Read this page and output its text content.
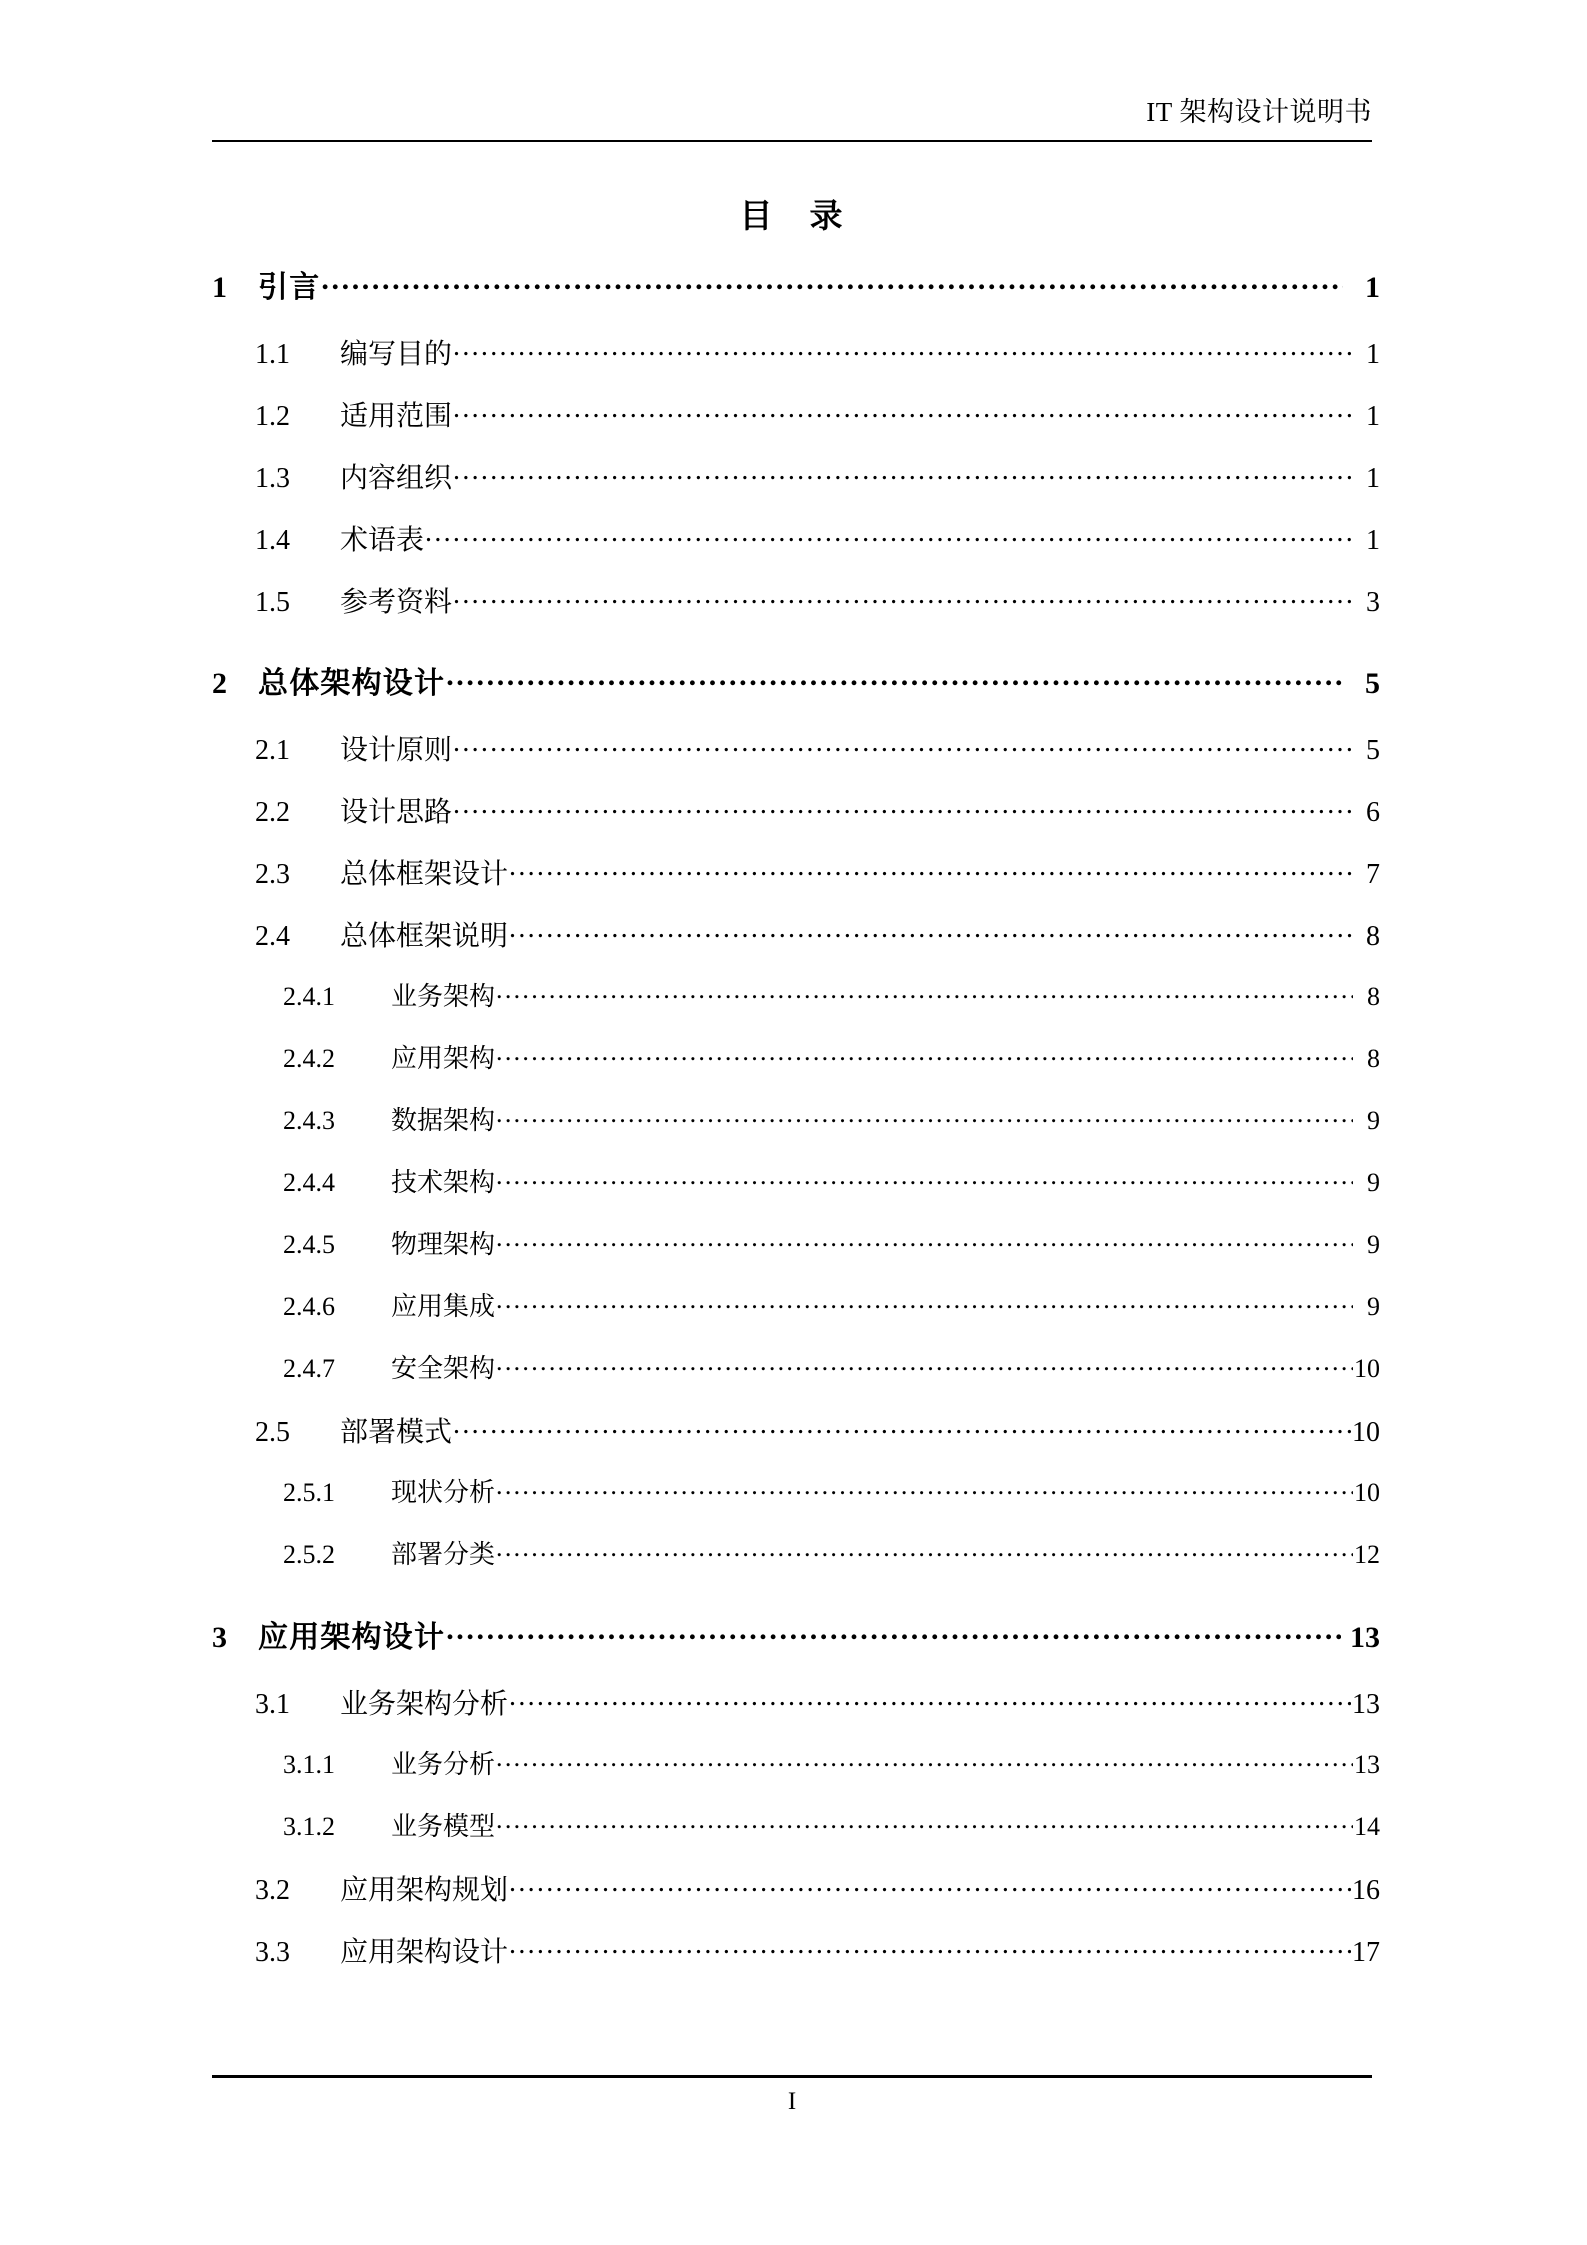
IT 架构设计说明书
目　录
1	引言 .....	1
1.1	编写目的 .....	1
1.2	适用范围 .....	1
1.3	内容组织 .....	1
1.4	术语表 .....	1
1.5	参考资料 .....	3
2	总体架构设计 .....	5
2.1	设计原则 .....	5
2.2	设计思路 .....	6
2.3	总体框架设计 .....	7
2.4	总体框架说明 .....	8
2.4.1	业务架构 .....	8
2.4.2	应用架构 .....	8
2.4.3	数据架构 .....	9
2.4.4	技术架构 .....	9
2.4.5	物理架构 .....	9
2.4.6	应用集成 .....	9
2.4.7	安全架构 .....	10
2.5	部署模式 .....	10
2.5.1	现状分析 .....	10
2.5.2	部署分类 .....	12
3	应用架构设计 .....	13
3.1	业务架构分析 .....	13
3.1.1	业务分析 .....	13
3.1.2	业务模型 .....	14
3.2	应用架构规划 .....	16
3.3	应用架构设计 .....	17
I
